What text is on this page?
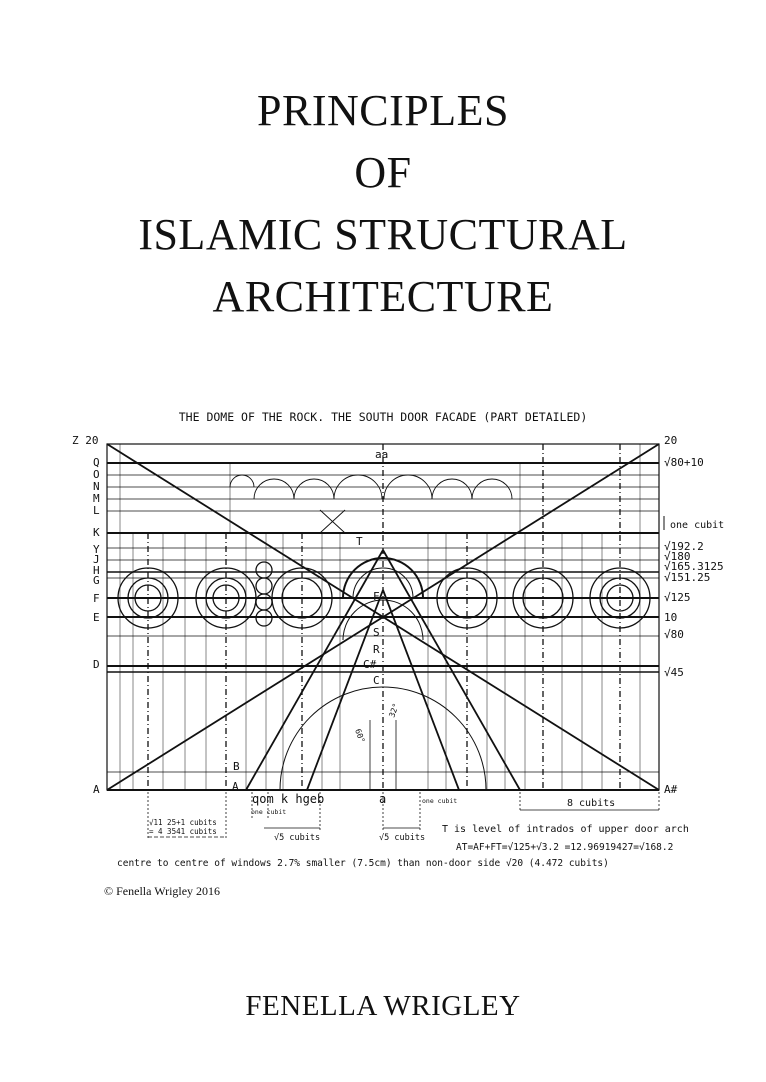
PRINCIPLES
OF
ISLAMIC STRUCTURAL
ARCHITECTURE
THE DOME OF THE ROCK. THE SOUTH DOOR FACADE (PART DETAILED)
Z 20
Q
O
N
M
L
K
Y
J
H
G
F
E
D
A
20
√80+10
one cubit
√192.2
√180
√165.3125
√151.25
√125
10
√80
√45
A#
aa
T
F
S
R
C#
C
B
A
60°
32°
qom k hgeb	a
one cubit
one cubit	8 cubits
√11 25+1 cubits
= 4 3541 cubits
√5 cubits	√5 cubits
T is level of intrados of upper door arch
AT=AF+FT=√125+√3.2 =12.96919427=√168.2
centre to centre of windows 2.7% smaller (7.5cm) than non-door side √20 (4.472 cubits)
© Fenella Wrigley 2016
FENELLA WRIGLEY
